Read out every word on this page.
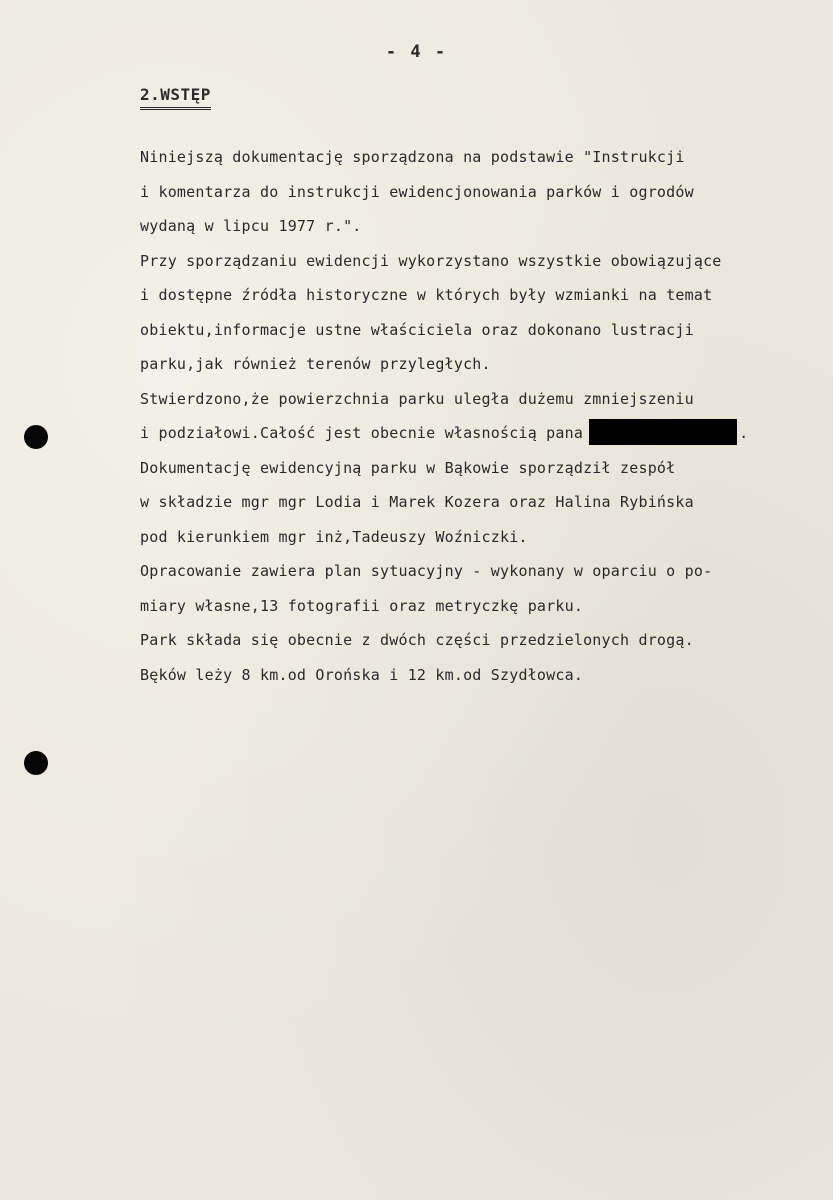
- 4 -
2.WSTĘP
Niniejszą dokumentację sporządzona na podstawie "Instrukcji
i komentarza do instrukcji ewidencjonowania parków i ogrodów
wydaną w lipcu 1977 r.".
Przy sporządzaniu ewidencji wykorzystano wszystkie obowiązujące
i dostępne źródła historyczne w których były wzmianki na temat
obiektu,informacje ustne właściciela oraz dokonano lustracji
parku,jak również terenów przyległych.
Stwierdzono,że powierzchnia parku uległa dużemu zmniejszeniu
i podziałowi.Całość jest obecnie własnością pana	.
Dokumentację ewidencyjną parku w Bąkowie sporządził zespół
w składzie mgr mgr Lodia i Marek Kozera oraz Halina Rybińska
pod kierunkiem mgr inż,Tadeuszy Woźniczki.
Opracowanie zawiera plan sytuacyjny - wykonany w oparciu o po-
miary własne,13 fotografii oraz metryczkę parku.
Park składa się obecnie z dwóch części przedzielonych drogą.
Bęków leży 8 km.od Orońska i 12 km.od Szydłowca.
